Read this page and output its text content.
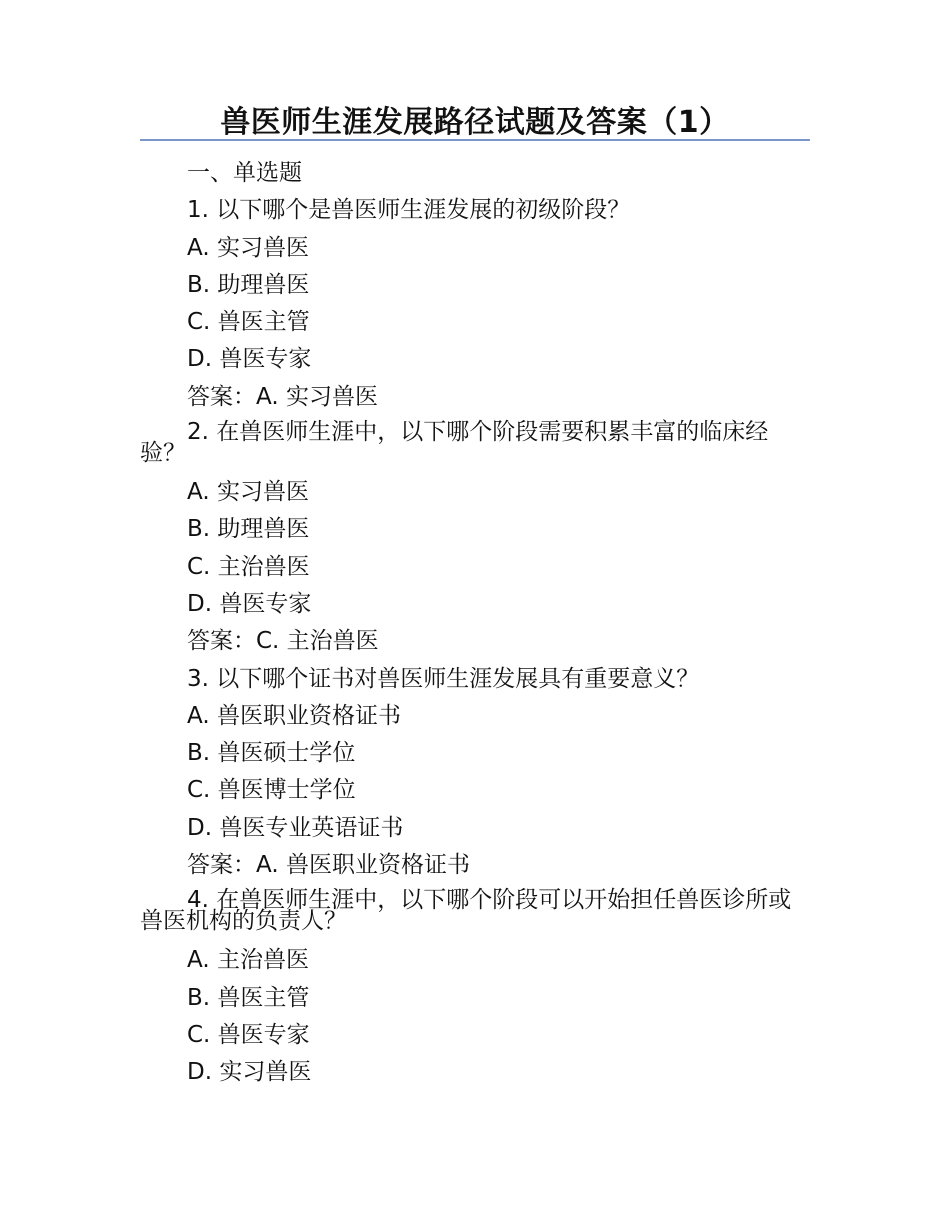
兽医师生涯发展路径试题及答案（1）
一、单选题
1. 以下哪个是兽医师生涯发展的初级阶段？
A. 实习兽医
B. 助理兽医
C. 兽医主管
D. 兽医专家
答案：A. 实习兽医
2. 在兽医师生涯中，以下哪个阶段需要积累丰富的临床经验？
A. 实习兽医
B. 助理兽医
C. 主治兽医
D. 兽医专家
答案：C. 主治兽医
3. 以下哪个证书对兽医师生涯发展具有重要意义？
A. 兽医职业资格证书
B. 兽医硕士学位
C. 兽医博士学位
D. 兽医专业英语证书
答案：A. 兽医职业资格证书
4. 在兽医师生涯中，以下哪个阶段可以开始担任兽医诊所或兽医机构的负责人？
A. 主治兽医
B. 兽医主管
C. 兽医专家
D. 实习兽医
